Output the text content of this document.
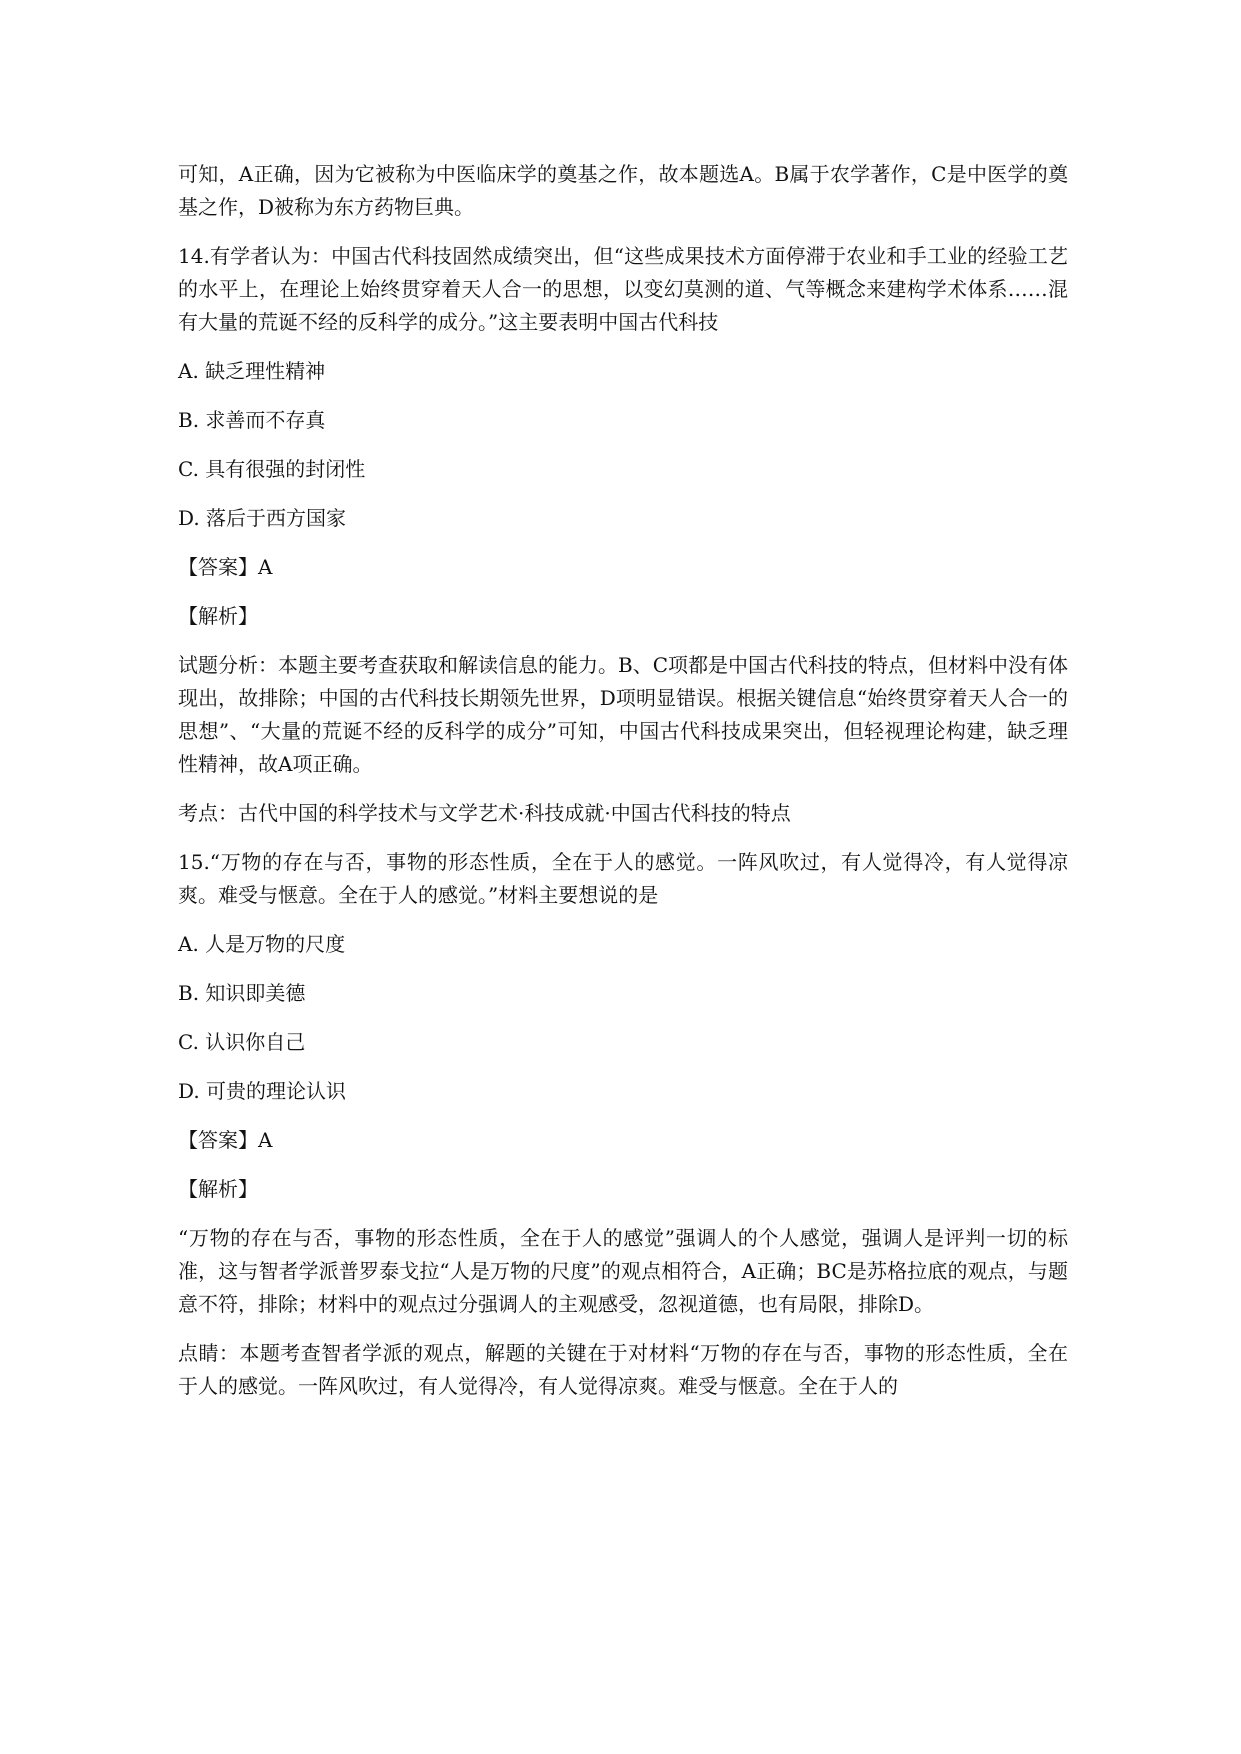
可知，A正确，因为它被称为中医临床学的奠基之作，故本题选A。B属于农学著作，C是中医学的奠基之作，D被称为东方药物巨典。

14.有学者认为：中国古代科技固然成绩突出，但“这些成果技术方面停滞于农业和手工业的经验工艺的水平上，在理论上始终贯穿着天人合一的思想，以变幻莫测的道、气等概念来建构学术体系……混有大量的荒诞不经的反科学的成分。”这主要表明中国古代科技

A. 缺乏理性精神

B. 求善而不存真

C. 具有很强的封闭性

D. 落后于西方国家

【答案】A

【解析】

试题分析：本题主要考查获取和解读信息的能力。B、C项都是中国古代科技的特点，但材料中没有体现出，故排除；中国的古代科技长期领先世界，D项明显错误。根据关键信息“始终贯穿着天人合一的思想”、“大量的荒诞不经的反科学的成分”可知，中国古代科技成果突出，但轻视理论构建，缺乏理性精神，故A项正确。

考点：古代中国的科学技术与文学艺术·科技成就·中国古代科技的特点

15.“万物的存在与否，事物的形态性质，全在于人的感觉。一阵风吹过，有人觉得冷，有人觉得凉爽。难受与惬意。全在于人的感觉。”材料主要想说的是

A. 人是万物的尺度

B. 知识即美德

C. 认识你自己

D. 可贵的理论认识

【答案】A

【解析】

“万物的存在与否，事物的形态性质，全在于人的感觉”强调人的个人感觉，强调人是评判一切的标准，这与智者学派普罗泰戈拉“人是万物的尺度”的观点相符合，A正确；BC是苏格拉底的观点，与题意不符，排除；材料中的观点过分强调人的主观感受，忽视道德，也有局限，排除D。

点睛：本题考查智者学派的观点，解题的关键在于对材料“万物的存在与否，事物的形态性质，全在于人的感觉。一阵风吹过，有人觉得冷，有人觉得凉爽。难受与惬意。全在于人的
